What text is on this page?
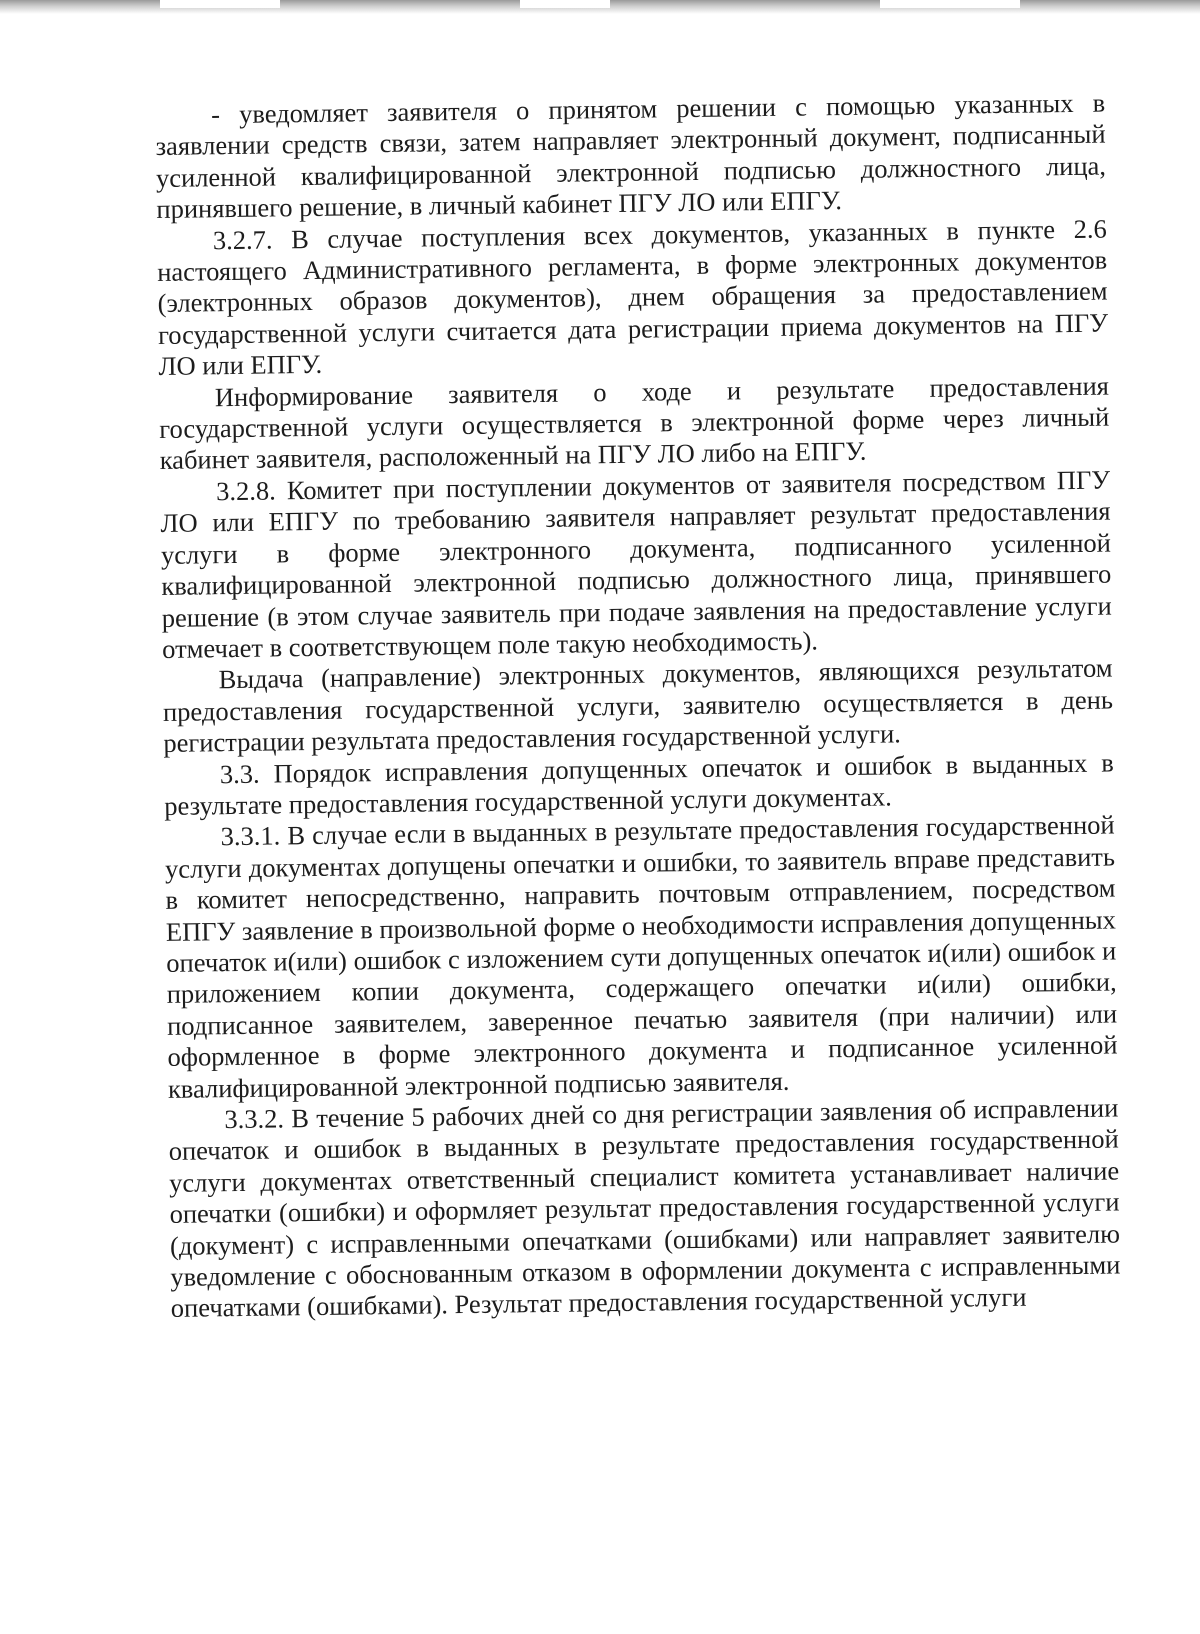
- уведомляет заявителя о принятом решении с помощью указанных в заявлении средств связи, затем направляет электронный документ, подписанный усиленной квалифицированной электронной подписью должностного лица, принявшего решение, в личный кабинет ПГУ ЛО или ЕПГУ.

3.2.7. В случае поступления всех документов, указанных в пункте 2.6 настоящего Административного регламента, в форме электронных документов (электронных образов документов), днем обращения за предоставлением государственной услуги считается дата регистрации приема документов на ПГУ ЛО или ЕПГУ.

Информирование заявителя о ходе и результате предоставления государственной услуги осуществляется в электронной форме через личный кабинет заявителя, расположенный на ПГУ ЛО либо на ЕПГУ.

3.2.8. Комитет при поступлении документов от заявителя посредством ПГУ ЛО или ЕПГУ по требованию заявителя направляет результат предоставления услуги в форме электронного документа, подписанного усиленной квалифицированной электронной подписью должностного лица, принявшего решение (в этом случае заявитель при подаче заявления на предоставление услуги отмечает в соответствующем поле такую необходимость).

Выдача (направление) электронных документов, являющихся результатом предоставления государственной услуги, заявителю осуществляется в день регистрации результата предоставления государственной услуги.

3.3. Порядок исправления допущенных опечаток и ошибок в выданных в результате предоставления государственной услуги документах.

3.3.1. В случае если в выданных в результате предоставления государственной услуги документах допущены опечатки и ошибки, то заявитель вправе представить в комитет непосредственно, направить почтовым отправлением, посредством ЕПГУ заявление в произвольной форме о необходимости исправления допущенных опечаток и(или) ошибок с изложением сути допущенных опечаток и(или) ошибок и приложением копии документа, содержащего опечатки и(или) ошибки, подписанное заявителем, заверенное печатью заявителя (при наличии) или оформленное в форме электронного документа и подписанное усиленной квалифицированной электронной подписью заявителя.

3.3.2. В течение 5 рабочих дней со дня регистрации заявления об исправлении опечаток и ошибок в выданных в результате предоставления государственной услуги документах ответственный специалист комитета устанавливает наличие опечатки (ошибки) и оформляет результат предоставления государственной услуги (документ) с исправленными опечатками (ошибками) или направляет заявителю уведомление с обоснованным отказом в оформлении документа с исправленными опечатками (ошибками). Результат предоставления государственной услуги
